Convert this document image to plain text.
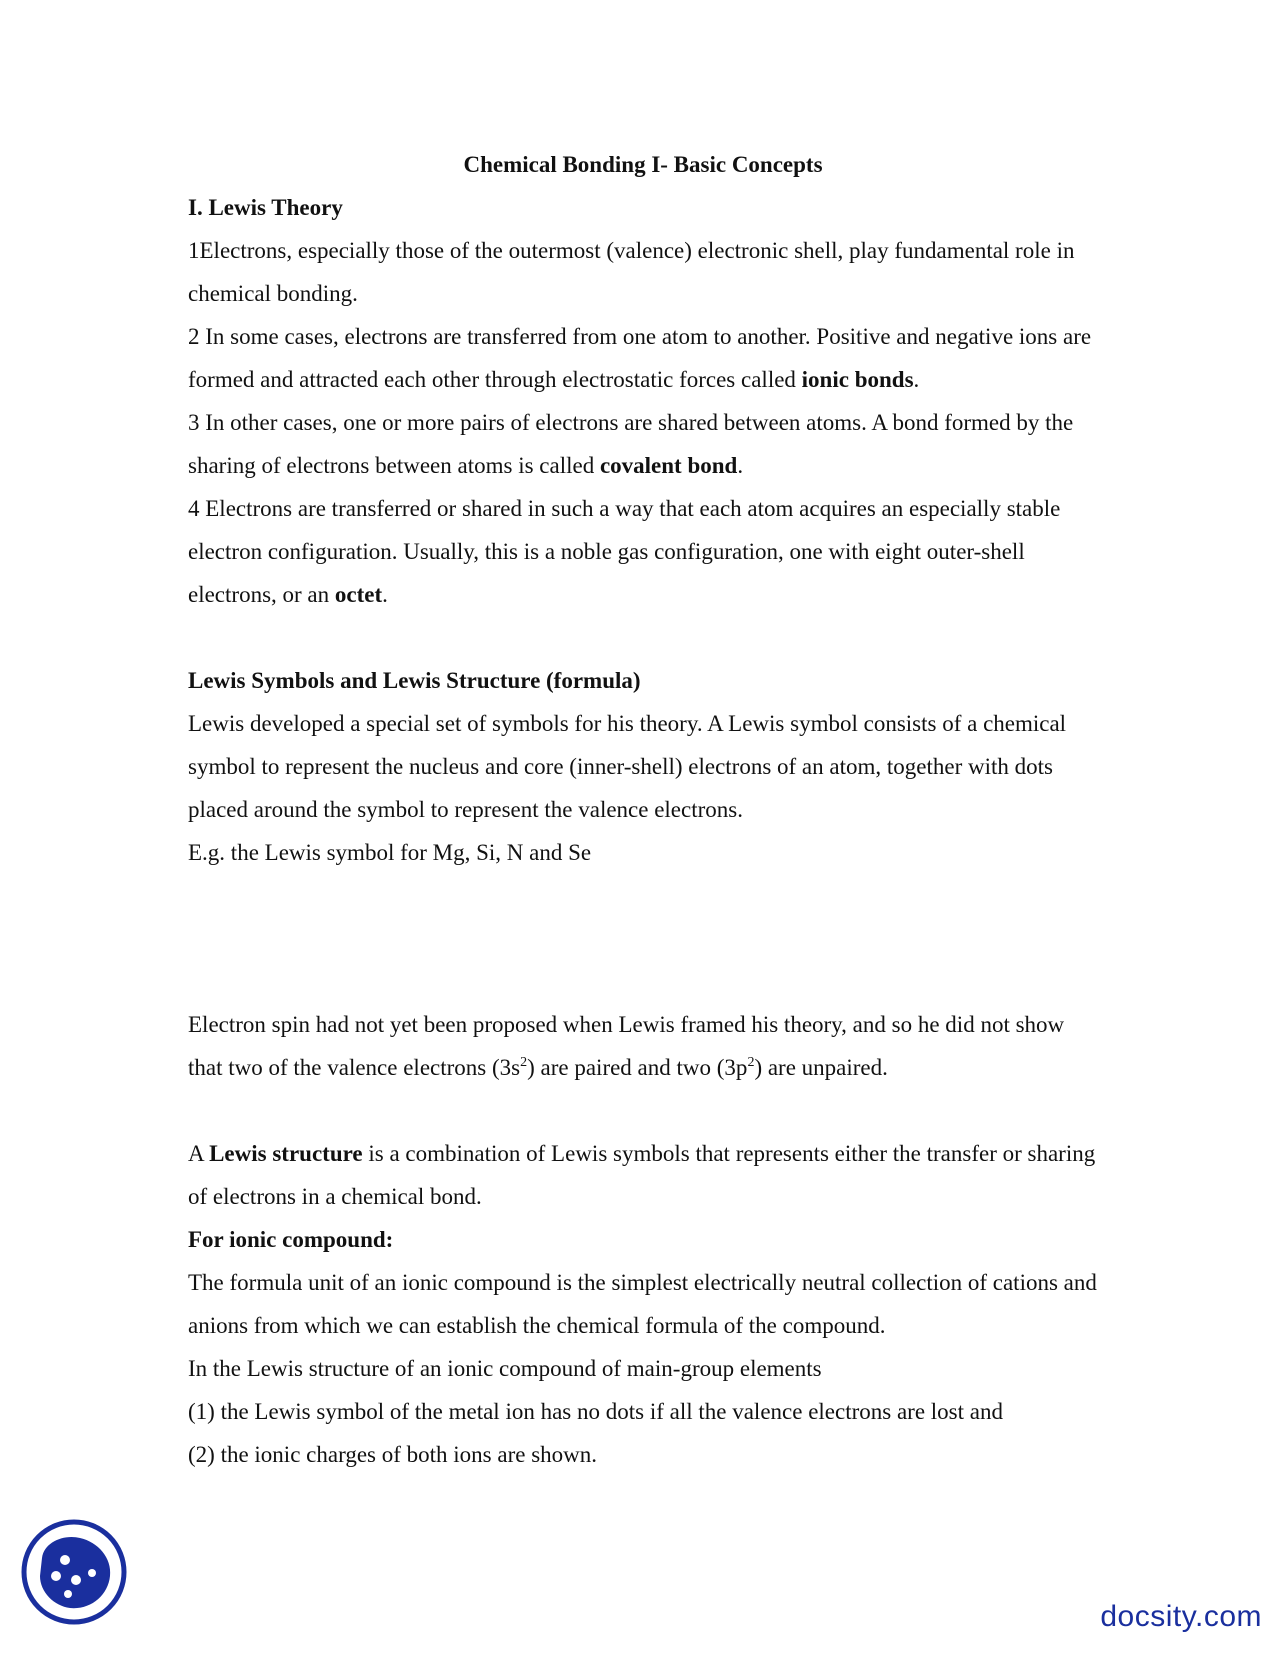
Chemical Bonding I- Basic Concepts

I. Lewis Theory

1Electrons, especially those of the outermost (valence) electronic shell, play fundamental role in chemical bonding.

2 In some cases, electrons are transferred from one atom to another. Positive and negative ions are formed and attracted each other through electrostatic forces called ionic bonds.

3 In other cases, one or more pairs of electrons are shared between atoms. A bond formed by the sharing of electrons between atoms is called covalent bond.

4 Electrons are transferred or shared in such a way that each atom acquires an especially stable electron configuration. Usually, this is a noble gas configuration, one with eight outer-shell electrons, or an octet.

Lewis Symbols and Lewis Structure (formula)

Lewis developed a special set of symbols for his theory. A Lewis symbol consists of a chemical symbol to represent the nucleus and core (inner-shell) electrons of an atom, together with dots placed around the symbol to represent the valence electrons.

E.g. the Lewis symbol for Mg, Si, N and Se

Electron spin had not yet been proposed when Lewis framed his theory, and so he did not show that two of the valence electrons $(3s^2)$ are paired and two $(3p^2)$ are unpaired.

A Lewis structure is a combination of Lewis symbols that represents either the transfer or sharing of electrons in a chemical bond.

For ionic compound:

The formula unit of an ionic compound is the simplest electrically neutral collection of cations and anions from which we can establish the chemical formula of the compound.

In the Lewis structure of an ionic compound of main-group elements

(1) the Lewis symbol of the metal ion has no dots if all the valence electrons are lost and

(2) the ionic charges of both ions are shown.

docsity.com
